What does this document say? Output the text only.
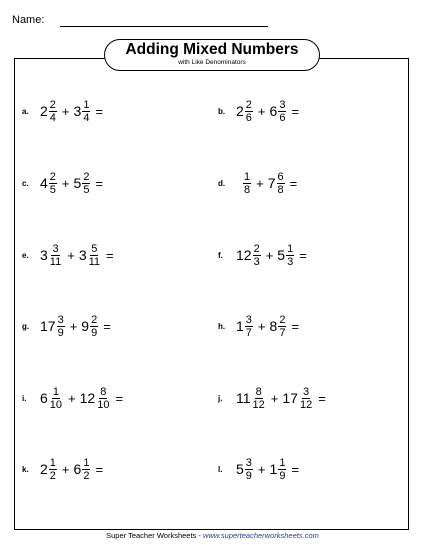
Name:
Adding Mixed Numbers
with Like Denominators
a. $2 \frac{2}{4} + 3 \frac{1}{4}$ =	b. $2 \frac{2}{6} + 6 \frac{3}{6}$ =
c. $4 \frac{2}{5} + 5 \frac{2}{5}$ =	d.	$\frac{1}{8} + 7 \frac{6}{8}$ =
e. $3 \frac{3}{11} + 3 \frac{5}{11}$ =	f. $12 \frac{2}{3} + 5 \frac{1}{3}$ =
g. $17 \frac{3}{9} + 9 \frac{2}{9}$ =	h. $1 \frac{3}{7} + 8 \frac{2}{7}$ =
i. $6 \frac{1}{10} + 12 \frac{8}{10}$ =	j. $11 \frac{8}{12} + 17 \frac{3}{12}$ =
k. $2 \frac{1}{2} + 6 \frac{1}{2}$ =	l. $5 \frac{3}{9} + 1 \frac{1}{9}$ =
Super Teacher Worksheets - www.superteacherworksheets.com
